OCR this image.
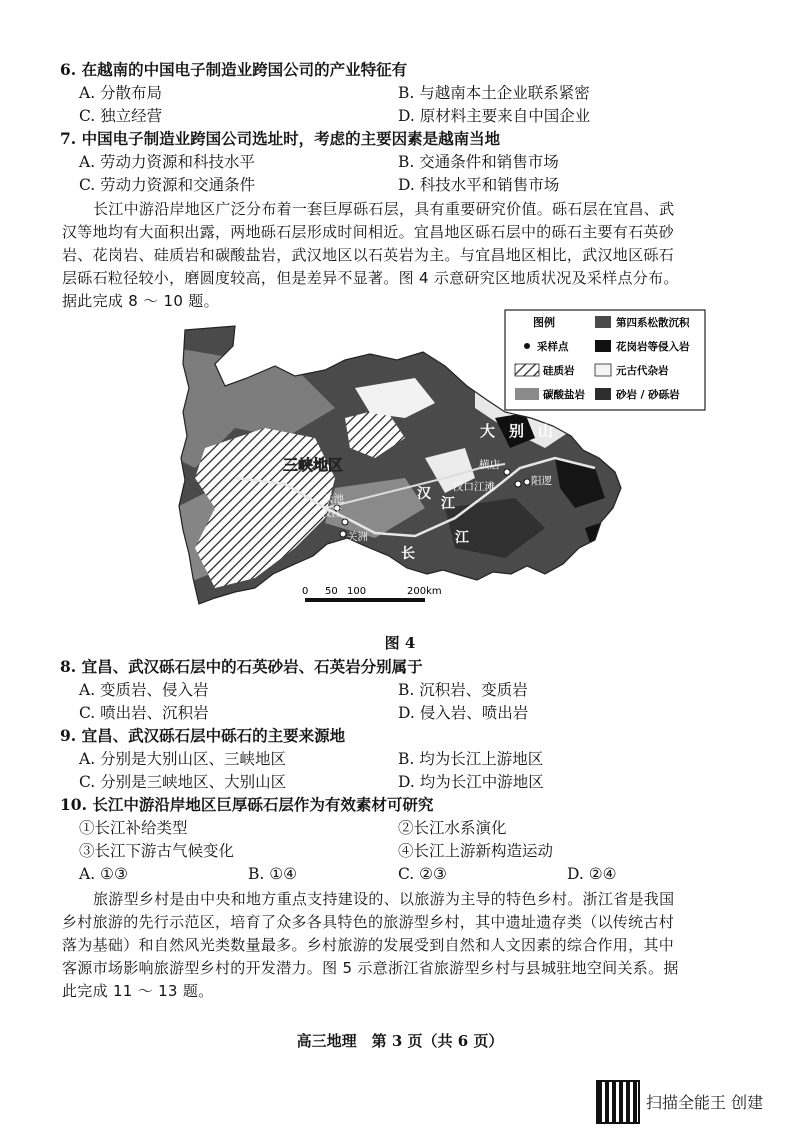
6. 在越南的中国电子制造业跨国公司的产业特征有
A. 分散布局	B. 与越南本土企业联系紧密
C. 独立经营	D. 原材料主要来自中国企业
7. 中国电子制造业跨国公司选址时，考虑的主要因素是越南当地
A. 劳动力资源和科技水平	B. 交通条件和销售市场
C. 劳动力资源和交通条件	D. 科技水平和销售市场
长江中游沿岸地区广泛分布着一套巨厚砾石层，具有重要研究价值。砾石层在宜昌、武
汉等地均有大面积出露，两地砾石层形成时间相近。宜昌地区砾石层中的砾石主要有石英砂
岩、花岗岩、硅质岩和碳酸盐岩，武汉地区以石英岩为主。与宜昌地区相比，武汉地区砾石
层砾石粒径较小，磨圆度较高，但是差异不显著。图 4 示意研究区地质状况及采样点分布。
据此完成 8 ～ 10 题。
图例	第四系松散沉积
采样点	花岗岩等侵入岩
硅质岩	元古代杂岩
碳酸盐岩	砂岩 / 砂砾岩
三峡地区
大别山
云池
枝江
关洲
横店
汉口江滩	阳逻
汉
江
长
江
0 50 100	200km
图 4
8. 宜昌、武汉砾石层中的石英砂岩、石英岩分别属于
A. 变质岩、侵入岩	B. 沉积岩、变质岩
C. 喷出岩、沉积岩	D. 侵入岩、喷出岩
9. 宜昌、武汉砾石层中砾石的主要来源地
A. 分别是大别山区、三峡地区	B. 均为长江上游地区
C. 分别是三峡地区、大别山区	D. 均为长江中游地区
10. 长江中游沿岸地区巨厚砾石层作为有效素材可研究
①长江补给类型	②长江水系演化
③长江下游古气候变化	④长江上游新构造运动
A. ①③	B. ①④	C. ②③	D. ②④
旅游型乡村是由中央和地方重点支持建设的、以旅游为主导的特色乡村。浙江省是我国
乡村旅游的先行示范区，培育了众多各具特色的旅游型乡村，其中遗址遗存类（以传统古村
落为基础）和自然风光类数量最多。乡村旅游的发展受到自然和人文因素的综合作用，其中
客源市场影响旅游型乡村的开发潜力。图 5 示意浙江省旅游型乡村与县城驻地空间关系。据
此完成 11 ～ 13 题。
高三地理　第 3 页（共 6 页）
扫描全能王 创建
